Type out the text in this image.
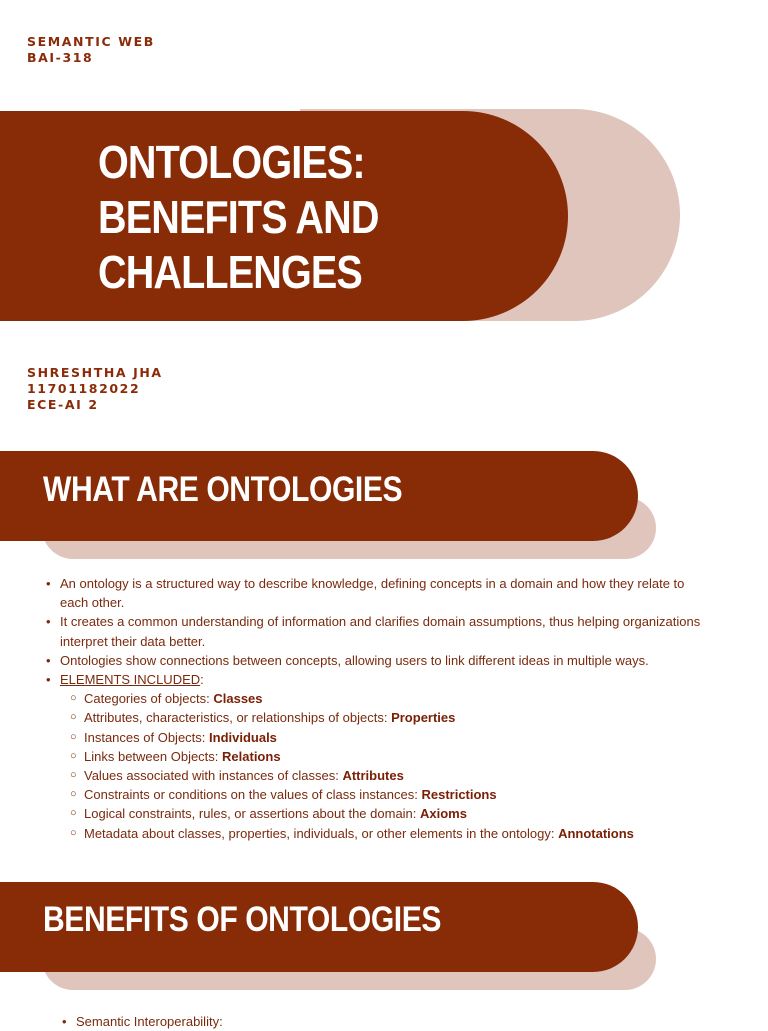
SEMANTIC WEB
BAI-318
ONTOLOGIES:
BENEFITS AND
CHALLENGES
SHRESHTHA JHA
11701182022
ECE-AI 2
WHAT ARE ONTOLOGIES
• An ontology is a structured way to describe knowledge, defining concepts in a domain and how they relate to each other.
• It creates a common understanding of information and clarifies domain assumptions, thus helping organizations interpret their data better.
• Ontologies show connections between concepts, allowing users to link different ideas in multiple ways.
• ELEMENTS INCLUDED:
○ Categories of objects: Classes
○ Attributes, characteristics, or relationships of objects: Properties
○ Instances of Objects: Individuals
○ Links between Objects: Relations
○ Values associated with instances of classes: Attributes
○ Constraints or conditions on the values of class instances: Restrictions
○ Logical constraints, rules, or assertions about the domain: Axioms
○ Metadata about classes, properties, individuals, or other elements in the ontology: Annotations
BENEFITS OF ONTOLOGIES
• Semantic Interoperability:
